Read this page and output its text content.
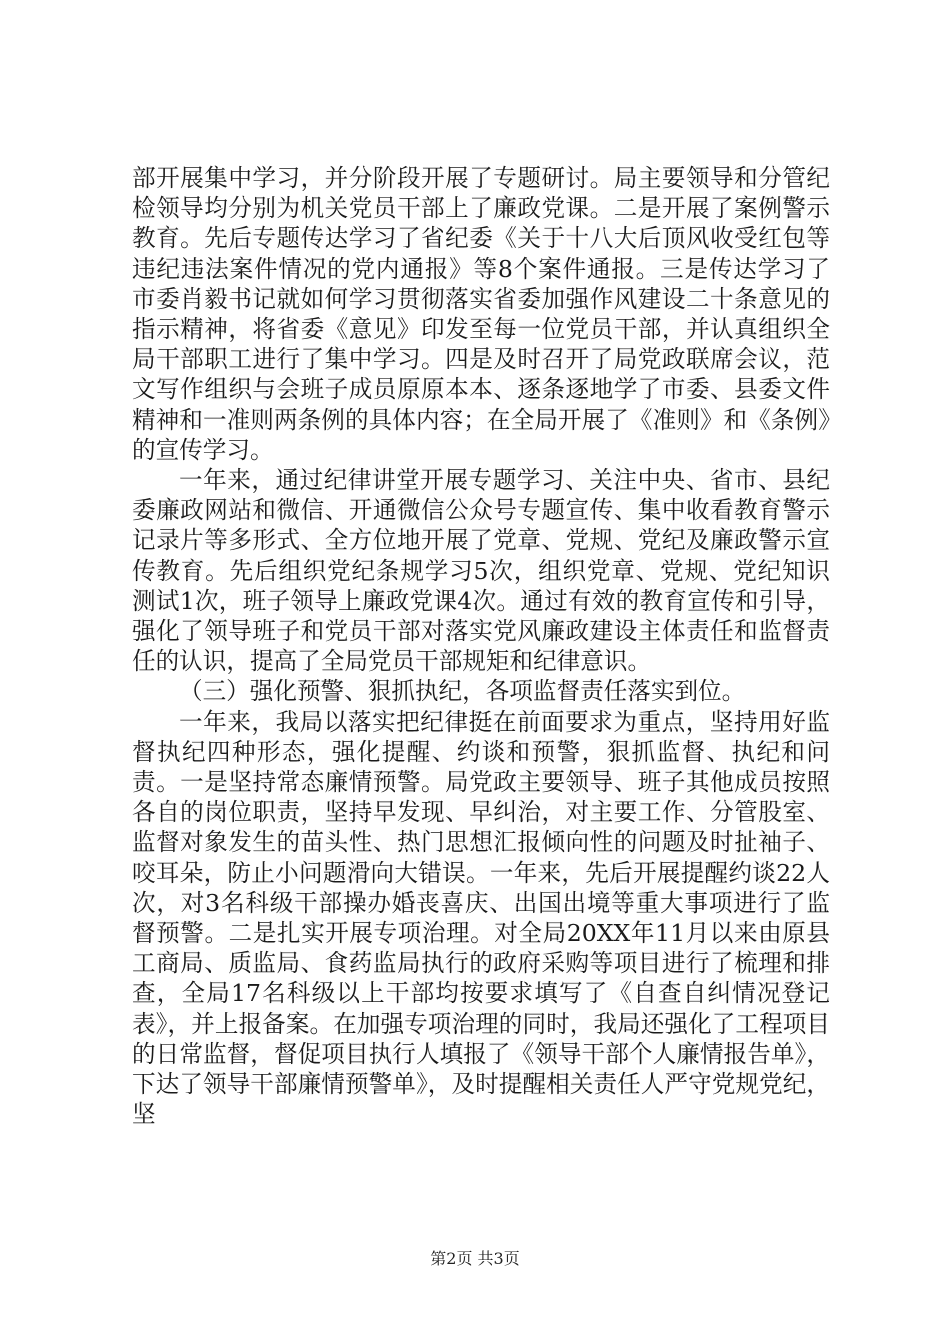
部开展集中学习，并分阶段开展了专题研讨。局主要领导和分管纪检领导均分别为机关党员干部上了廉政党课。二是开展了案例警示教育。先后专题传达学习了省纪委《关于十八大后顶风收受红包等违纪违法案件情况的党内通报》等8个案件通报。三是传达学习了市委肖毅书记就如何学习贯彻落实省委加强作风建设二十条意见的指示精神，将省委《意见》印发至每一位党员干部，并认真组织全局干部职工进行了集中学习。四是及时召开了局党政联席会议，范文写作组织与会班子成员原原本本、逐条逐地学了市委、县委文件精神和一准则两条例的具体内容；在全局开展了《准则》和《条例》的宣传学习。

一年来，通过纪律讲堂开展专题学习、关注中央、省市、县纪委廉政网站和微信、开通微信公众号专题宣传、集中收看教育警示记录片等多形式、全方位地开展了党章、党规、党纪及廉政警示宣传教育。先后组织党纪条规学习5次，组织党章、党规、党纪知识测试1次，班子领导上廉政党课4次。通过有效的教育宣传和引导，强化了领导班子和党员干部对落实党风廉政建设主体责任和监督责任的认识，提高了全局党员干部规矩和纪律意识。

（三）强化预警、狠抓执纪，各项监督责任落实到位。

一年来，我局以落实把纪律挺在前面要求为重点，坚持用好监督执纪四种形态，强化提醒、约谈和预警，狠抓监督、执纪和问责。一是坚持常态廉情预警。局党政主要领导、班子其他成员按照各自的岗位职责，坚持早发现、早纠治，对主要工作、分管股室、监督对象发生的苗头性、热门思想汇报倾向性的问题及时扯袖子、咬耳朵，防止小问题滑向大错误。一年来，先后开展提醒约谈22人次，对3名科级干部操办婚丧喜庆、出国出境等重大事项进行了监督预警。二是扎实开展专项治理。对全局20XX年11月以来由原县工商局、质监局、食药监局执行的政府采购等项目进行了梳理和排查，全局17名科级以上干部均按要求填写了《自查自纠情况登记表》，并上报备案。在加强专项治理的同时，我局还强化了工程项目的日常监督，督促项目执行人填报了《领导干部个人廉情报告单》，下达了领导干部廉情预警单》，及时提醒相关责任人严守党规党纪，坚

第2页 共3页
